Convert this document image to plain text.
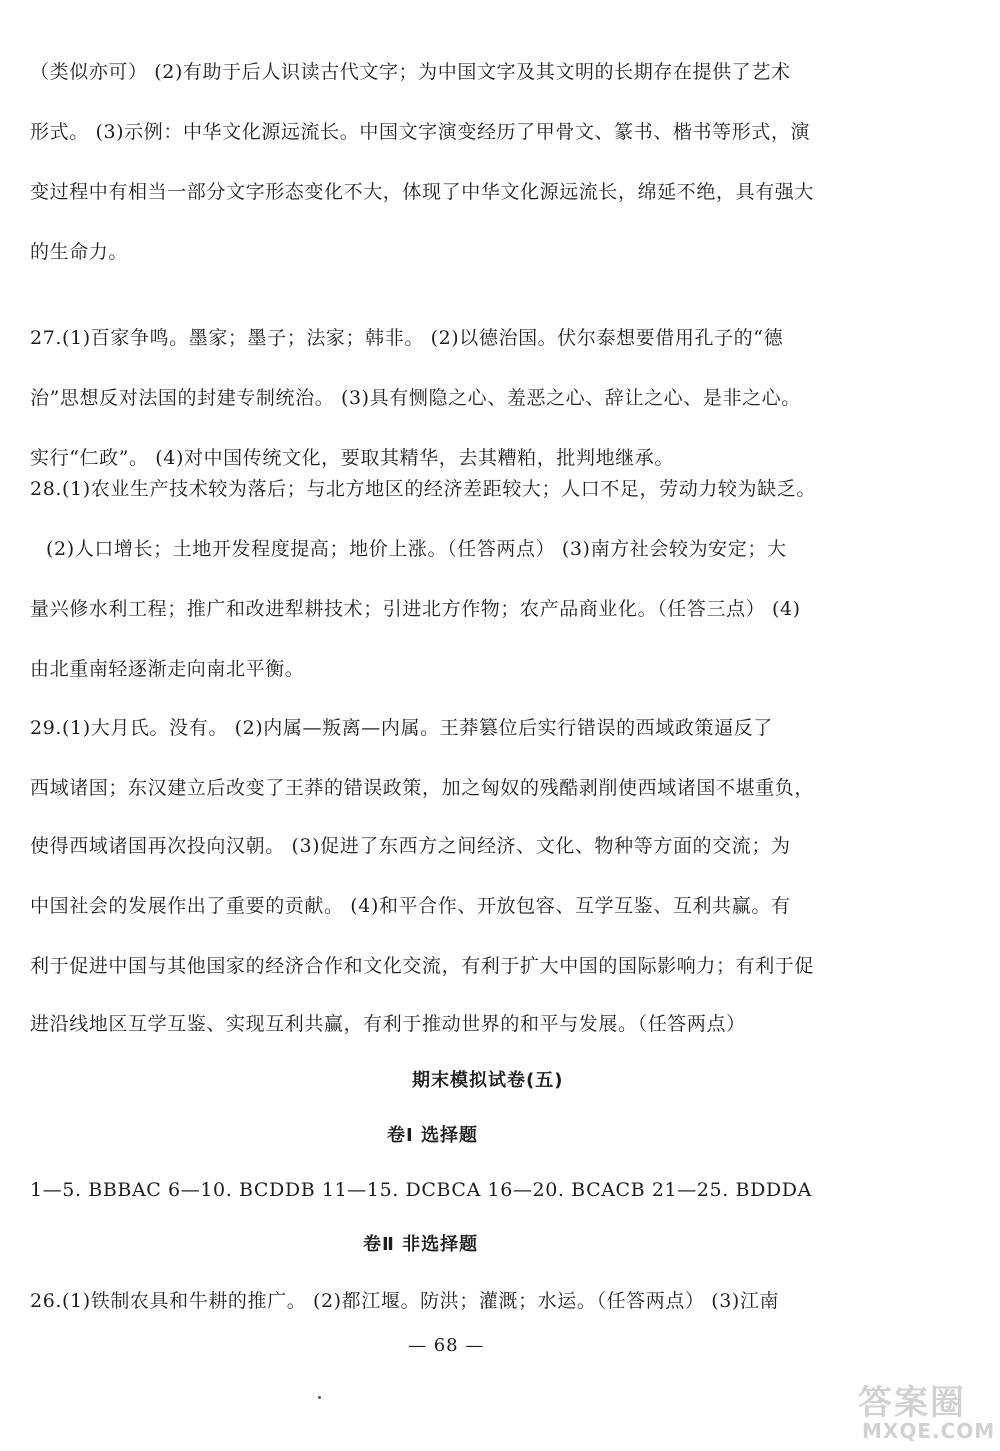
（类似亦可） (2)有助于后人识读古代文字；为中国文字及其文明的长期存在提供了艺术
形式。 (3)示例：中华文化源远流长。中国文字演变经历了甲骨文、篆书、楷书等形式，演
变过程中有相当一部分文字形态变化不大，体现了中华文化源远流长，绵延不绝，具有强大
的生命力。
27.(1)百家争鸣。墨家；墨子；法家；韩非。 (2)以德治国。伏尔泰想要借用孔子的“德
治”思想反对法国的封建专制统治。 (3)具有恻隐之心、羞恶之心、辞让之心、是非之心。
实行“仁政”。 (4)对中国传统文化，要取其精华，去其糟粕，批判地继承。
28.(1)农业生产技术较为落后；与北方地区的经济差距较大；人口不足，劳动力较为缺乏。
(2)人口增长；土地开发程度提高；地价上涨。（任答两点） (3)南方社会较为安定；大
量兴修水利工程；推广和改进犁耕技术；引进北方作物；农产品商业化。（任答三点） (4)
由北重南轻逐渐走向南北平衡。
29.(1)大月氏。没有。 (2)内属—叛离—内属。王莽篡位后实行错误的西域政策逼反了
西域诸国；东汉建立后改变了王莽的错误政策，加之匈奴的残酷剥削使西域诸国不堪重负，
使得西域诸国再次投向汉朝。 (3)促进了东西方之间经济、文化、物种等方面的交流；为
中国社会的发展作出了重要的贡献。 (4)和平合作、开放包容、互学互鉴、互利共赢。有
利于促进中国与其他国家的经济合作和文化交流，有利于扩大中国的国际影响力；有利于促
进沿线地区互学互鉴、实现互利共赢，有利于推动世界的和平与发展。（任答两点）
期末模拟试卷(五)
卷Ⅰ 选择题
1—5. BBBAC 6—10. BCDDB 11—15. DCBCA 16—20. BCACB 21—25. BDDDA
卷Ⅱ 非选择题
26.(1)铁制农具和牛耕的推广。 (2)都江堰。防洪；灌溉；水运。（任答两点） (3)江南
— 68 —
答案圈
MXQE.COM
